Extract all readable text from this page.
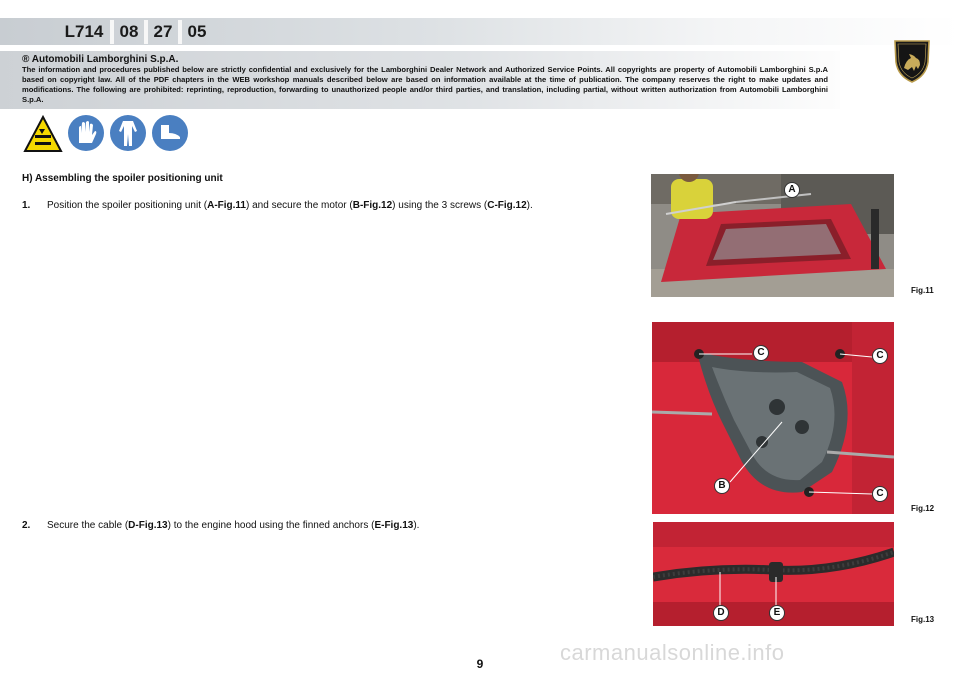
L714 08 27 05
® Automobili Lamborghini S.p.A.
The information and procedures published below are strictly confidential and exclusively for the Lamborghini Dealer Network and Authorized Service Points. All copyrights are property of Automobili Lamborghini S.p.A based on copyright law. All of the PDF chapters in the WEB workshop manuals described below are based on information available at the time of publication. The company reserves the right to make updates and modifications. The following are prohibited: reprinting, reproduction, forwarding to unauthorized people and/or third parties, and translation, including partial, without written authorization from Automobili Lamborghini S.p.A.
H) Assembling the spoiler positioning unit
1. Position the spoiler positioning unit (A-Fig.11) and secure the motor (B-Fig.12) using the 3 screws (C-Fig.12).
2. Secure the cable (D-Fig.13) to the engine hood using the finned anchors (E-Fig.13).
A
Fig.11
C	C
B
C
Fig.12
D	E
Fig.13
carmanualsonline.info
9
